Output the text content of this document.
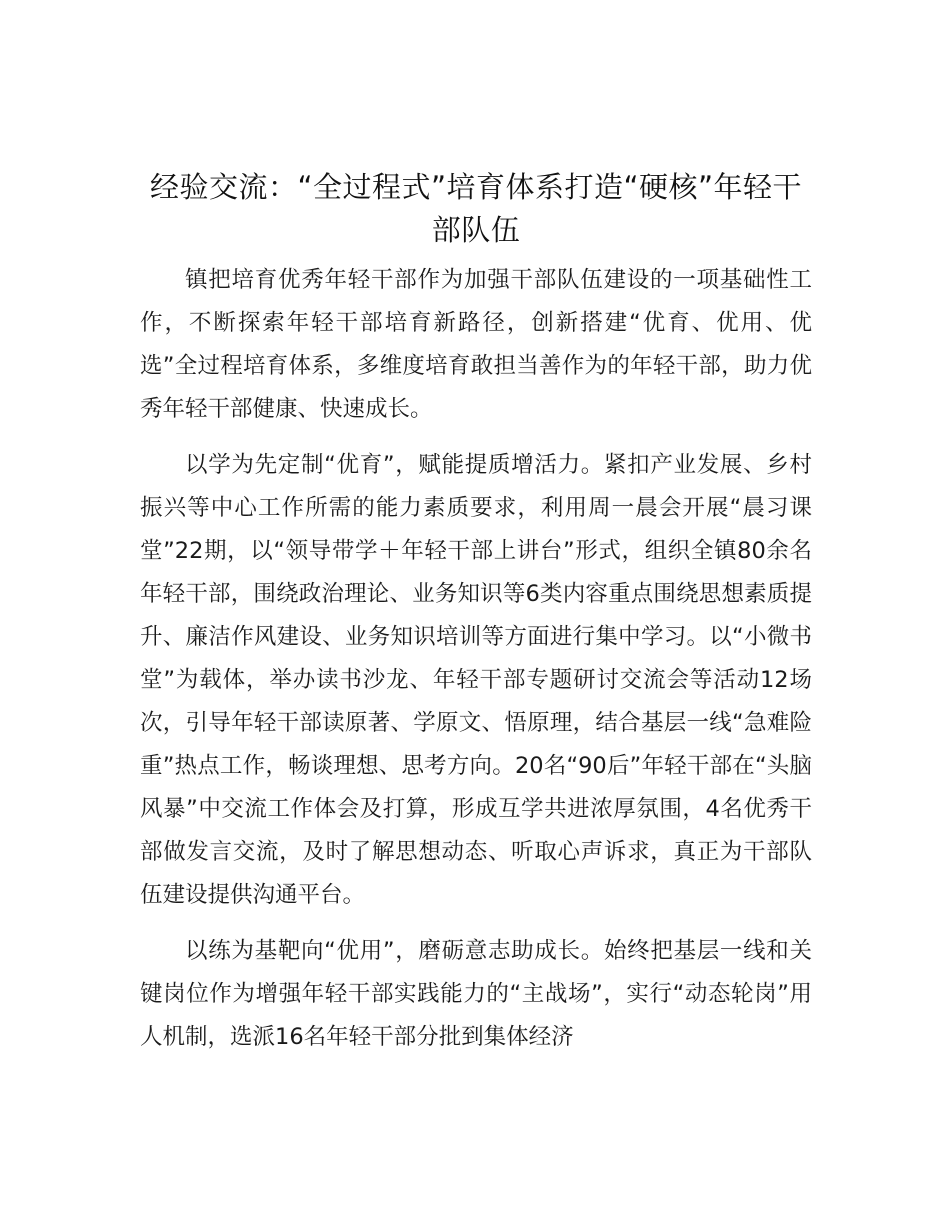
经验交流：“全过程式”培育体系打造“硬核”年轻干部队伍

镇把培育优秀年轻干部作为加强干部队伍建设的一项基础性工作，不断探索年轻干部培育新路径，创新搭建“优育、优用、优选”全过程培育体系，多维度培育敢担当善作为的年轻干部，助力优秀年轻干部健康、快速成长。

以学为先定制“优育”，赋能提质增活力。紧扣产业发展、乡村振兴等中心工作所需的能力素质要求，利用周一晨会开展“晨习课堂”22期，以“领导带学＋年轻干部上讲台”形式，组织全镇80余名年轻干部，围绕政治理论、业务知识等6类内容重点围绕思想素质提升、廉洁作风建设、业务知识培训等方面进行集中学习。以“小微书堂”为载体，举办读书沙龙、年轻干部专题研讨交流会等活动12场次，引导年轻干部读原著、学原文、悟原理，结合基层一线“急难险重”热点工作，畅谈理想、思考方向。20名“90后”年轻干部在“头脑风暴”中交流工作体会及打算，形成互学共进浓厚氛围，4名优秀干部做发言交流，及时了解思想动态、听取心声诉求，真正为干部队伍建设提供沟通平台。

以练为基靶向“优用”，磨砺意志助成长。始终把基层一线和关键岗位作为增强年轻干部实践能力的“主战场”，实行“动态轮岗”用人机制，选派16名年轻干部分批到集体经济
